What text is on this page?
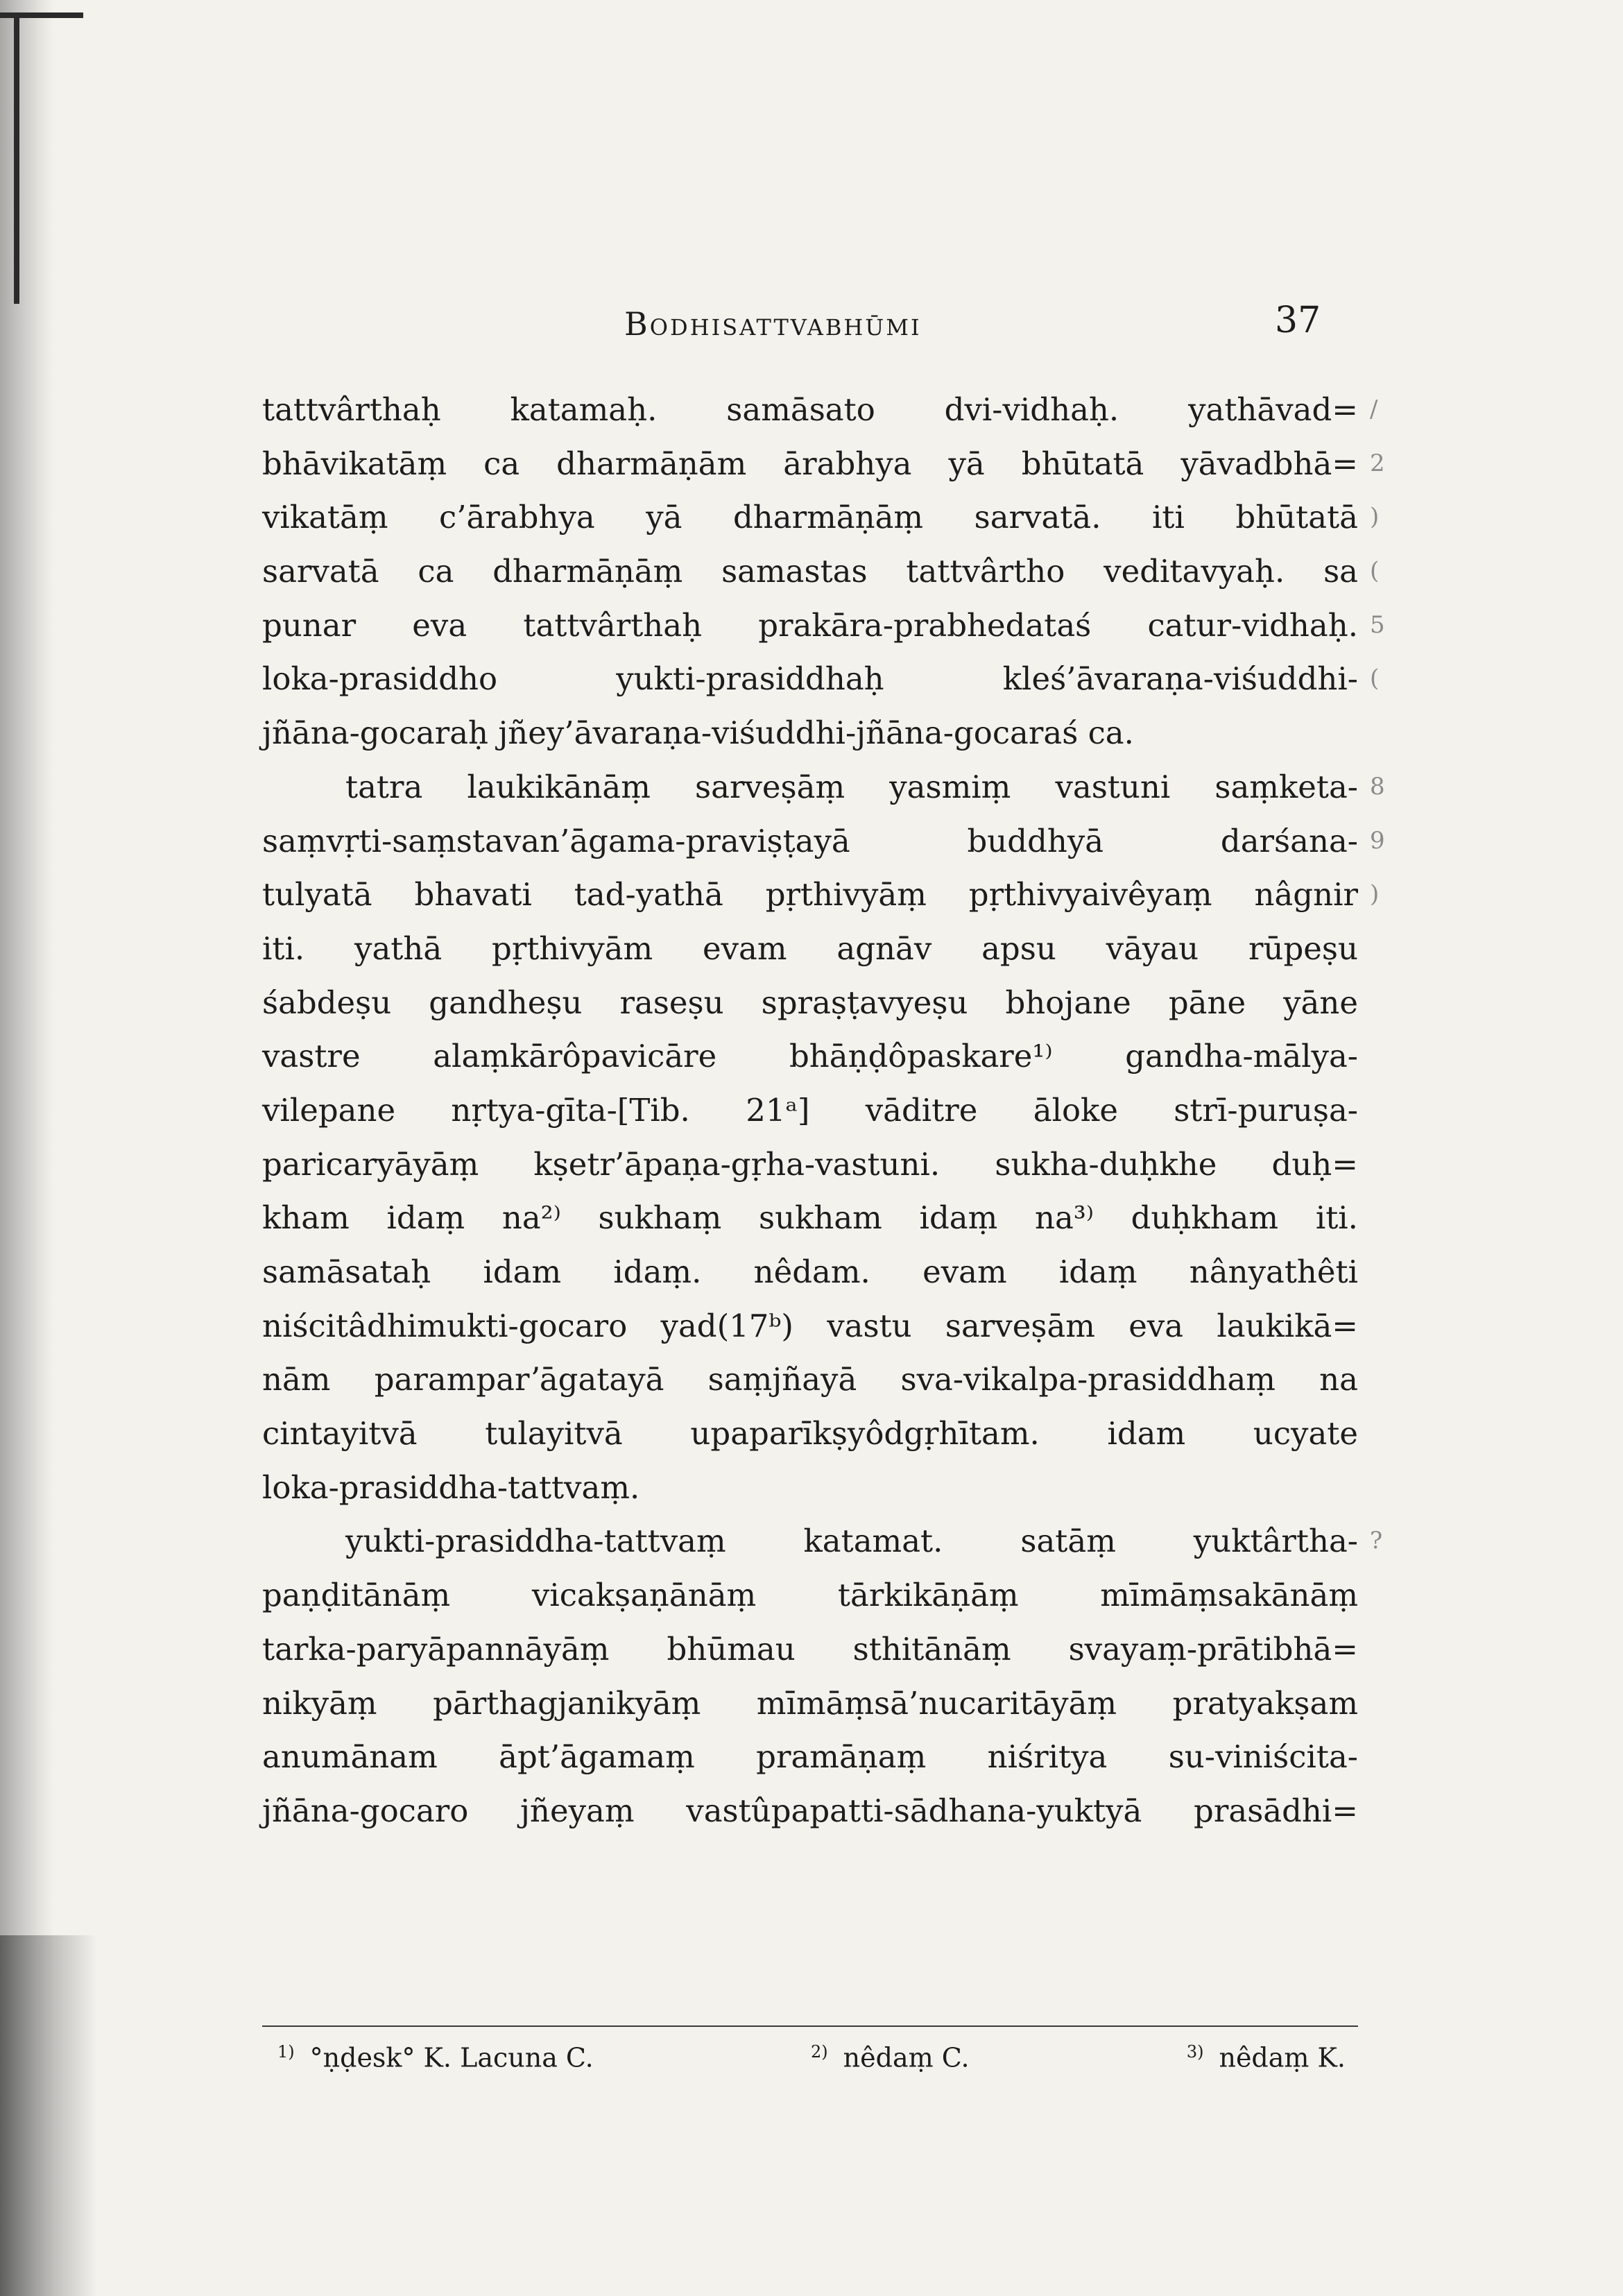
Bodhisattvabhūmi	37
tattvârthaḥ katamaḥ. samāsato dvi-vidhaḥ. yathāvad=
bhāvikatāṃ ca dharmāṇām ārabhya yā bhūtatā yāvadbhā=
vikatāṃ c’ārabhya yā dharmāṇāṃ sarvatā. iti bhūtatā
sarvatā ca dharmāṇāṃ samastas tattvârtho veditavyaḥ. sa
punar eva tattvârthaḥ prakāra-prabhedataś catur-vidhaḥ.
loka-prasiddho yukti-prasiddhaḥ kleś’āvaraṇa-viśuddhi-
jñāna-gocaraḥ jñey’āvaraṇa-viśuddhi-jñāna-gocaraś ca.
tatra laukikānāṃ sarveṣāṃ yasmiṃ vastuni saṃketa-
saṃvṛti-saṃstavan’āgama-praviṣṭayā buddhyā darśana-
tulyatā bhavati tad-yathā pṛthivyāṃ pṛthivyaivêyaṃ nâgnir
iti. yathā pṛthivyām evam agnāv apsu vāyau rūpeṣu
śabdeṣu gandheṣu raseṣu spraṣṭavyeṣu bhojane pāne yāne
vastre alaṃkārôpavicāre bhāṇḍôpaskare¹⁾ gandha-mālya-
vilepane nṛtya-gīta-[Tib. 21ᵃ] vāditre āloke strī-puruṣa-
paricaryāyāṃ kṣetr’āpaṇa-gṛha-vastuni. sukha-duḥkhe duḥ=
kham idaṃ na²⁾ sukhaṃ sukham idaṃ na³⁾ duḥkham iti.
samāsataḥ idam idaṃ. nêdam. evam idaṃ nânyathêti
niścitâdhimukti-gocaro yad(17ᵇ) vastu sarveṣām eva laukikā=
nām paramparʼāgatayā saṃjñayā sva-vikalpa-prasiddhaṃ na
cintayitvā tulayitvā upaparīkṣyôdgṛhītam. idam ucyate
loka-prasiddha-tattvaṃ.
yukti-prasiddha-tattvaṃ katamat. satāṃ yuktârtha-
paṇḍitānāṃ vicakṣaṇānāṃ tārkikāṇāṃ mīmāṃsakānāṃ
tarka-paryāpannāyāṃ bhūmau sthitānāṃ svayaṃ-prātibhā=
nikyāṃ pārthagjanikyāṃ mīmāṃsā’nucaritāyāṃ pratyakṣam
anumānam āpt’āgamaṃ pramāṇaṃ niśritya su-viniścita-
jñāna-gocaro jñeyaṃ vastûpapatti-sādhana-yuktyā prasādhi=
/
2
)
(
5
(
8
9
)
?
$^{1)}$ °ṇḍesk° K. Lacuna C.	$^{2)}$ nêdaṃ C.	$^{3)}$ nêdaṃ K.
